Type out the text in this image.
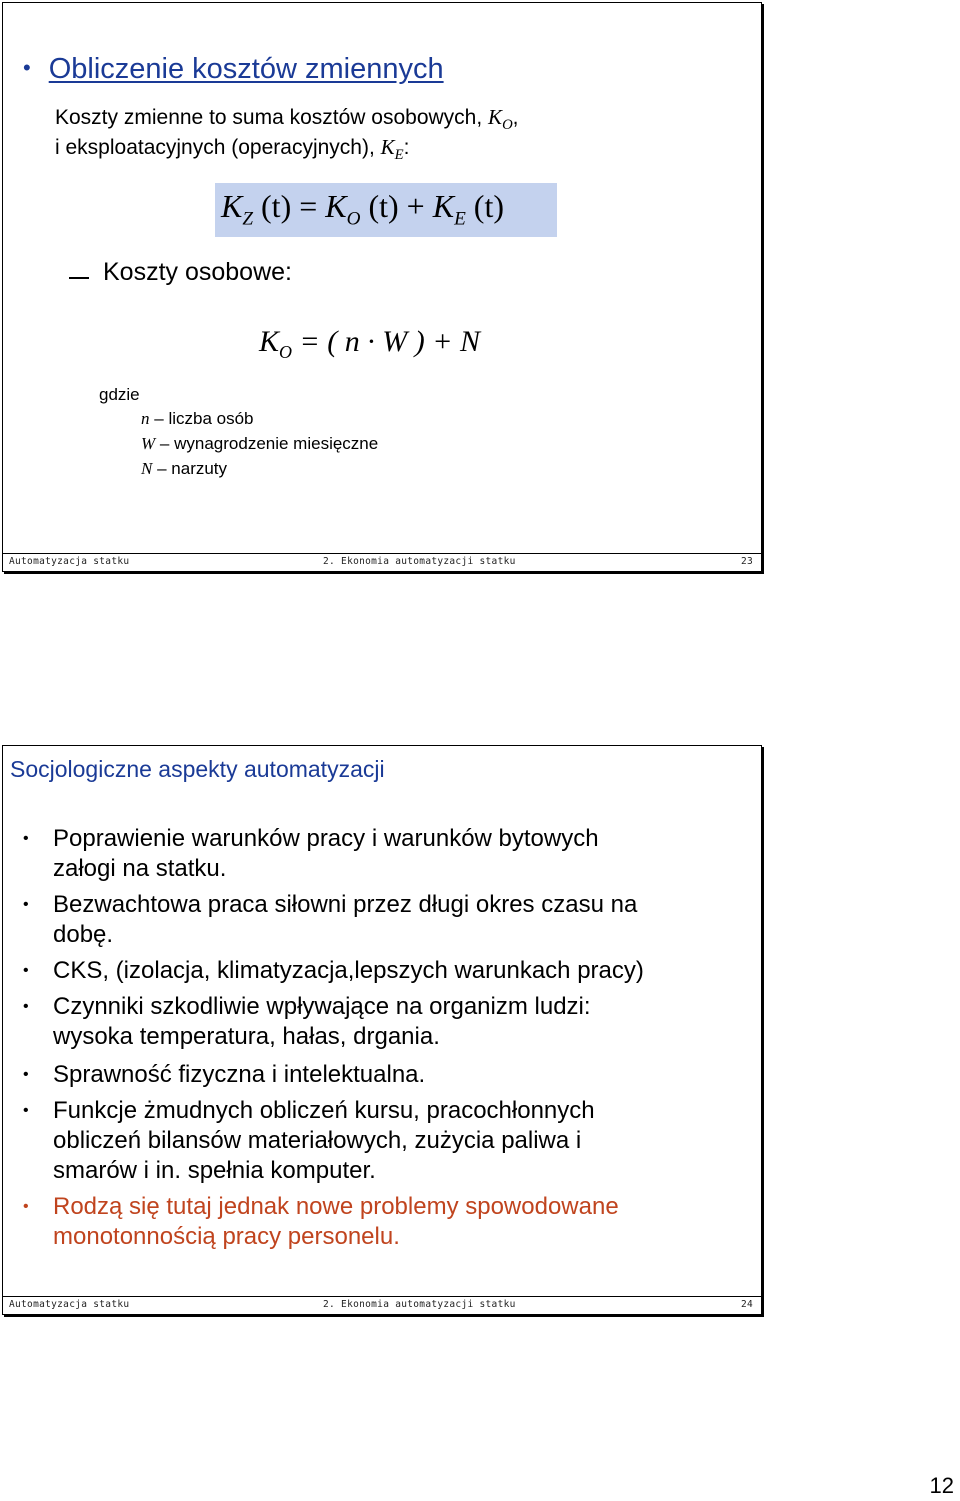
• Obliczenie kosztów zmiennych
Koszty zmienne to suma kosztów osobowych, $K_O$,
i eksploatacyjnych (operacyjnych), $K_E$:
$K_Z$ $(t) = K_O$ $(t) + K_E$ (t)
Koszty osobowe:
$K_O$ = ( n · W ) + N
gdzie
n – liczba osób
W – wynagrodzenie miesięczne
N – narzuty
Automatyzacja statku	2. Ekonomia automatyzacji statku	23
Socjologiczne aspekty automatyzacji
• Poprawienie warunków pracy i warunków bytowych
załogi na statku.
• Bezwachtowa praca siłowni przez długi okres czasu na
dobę.
• CKS, (izolacja, klimatyzacja,lepszych warunkach pracy)
• Czynniki szkodliwie wpływające na organizm ludzi:
wysoka temperatura, hałas, drgania.
• Sprawność fizyczna i intelektualna.
• Funkcje żmudnych obliczeń kursu, pracochłonnych
obliczeń bilansów materiałowych, zużycia paliwa i
smarów i in. spełnia komputer.
• Rodzą się tutaj jednak nowe problemy spowodowane
monotonnością pracy personelu.
Automatyzacja statku	2. Ekonomia automatyzacji statku	24
12
